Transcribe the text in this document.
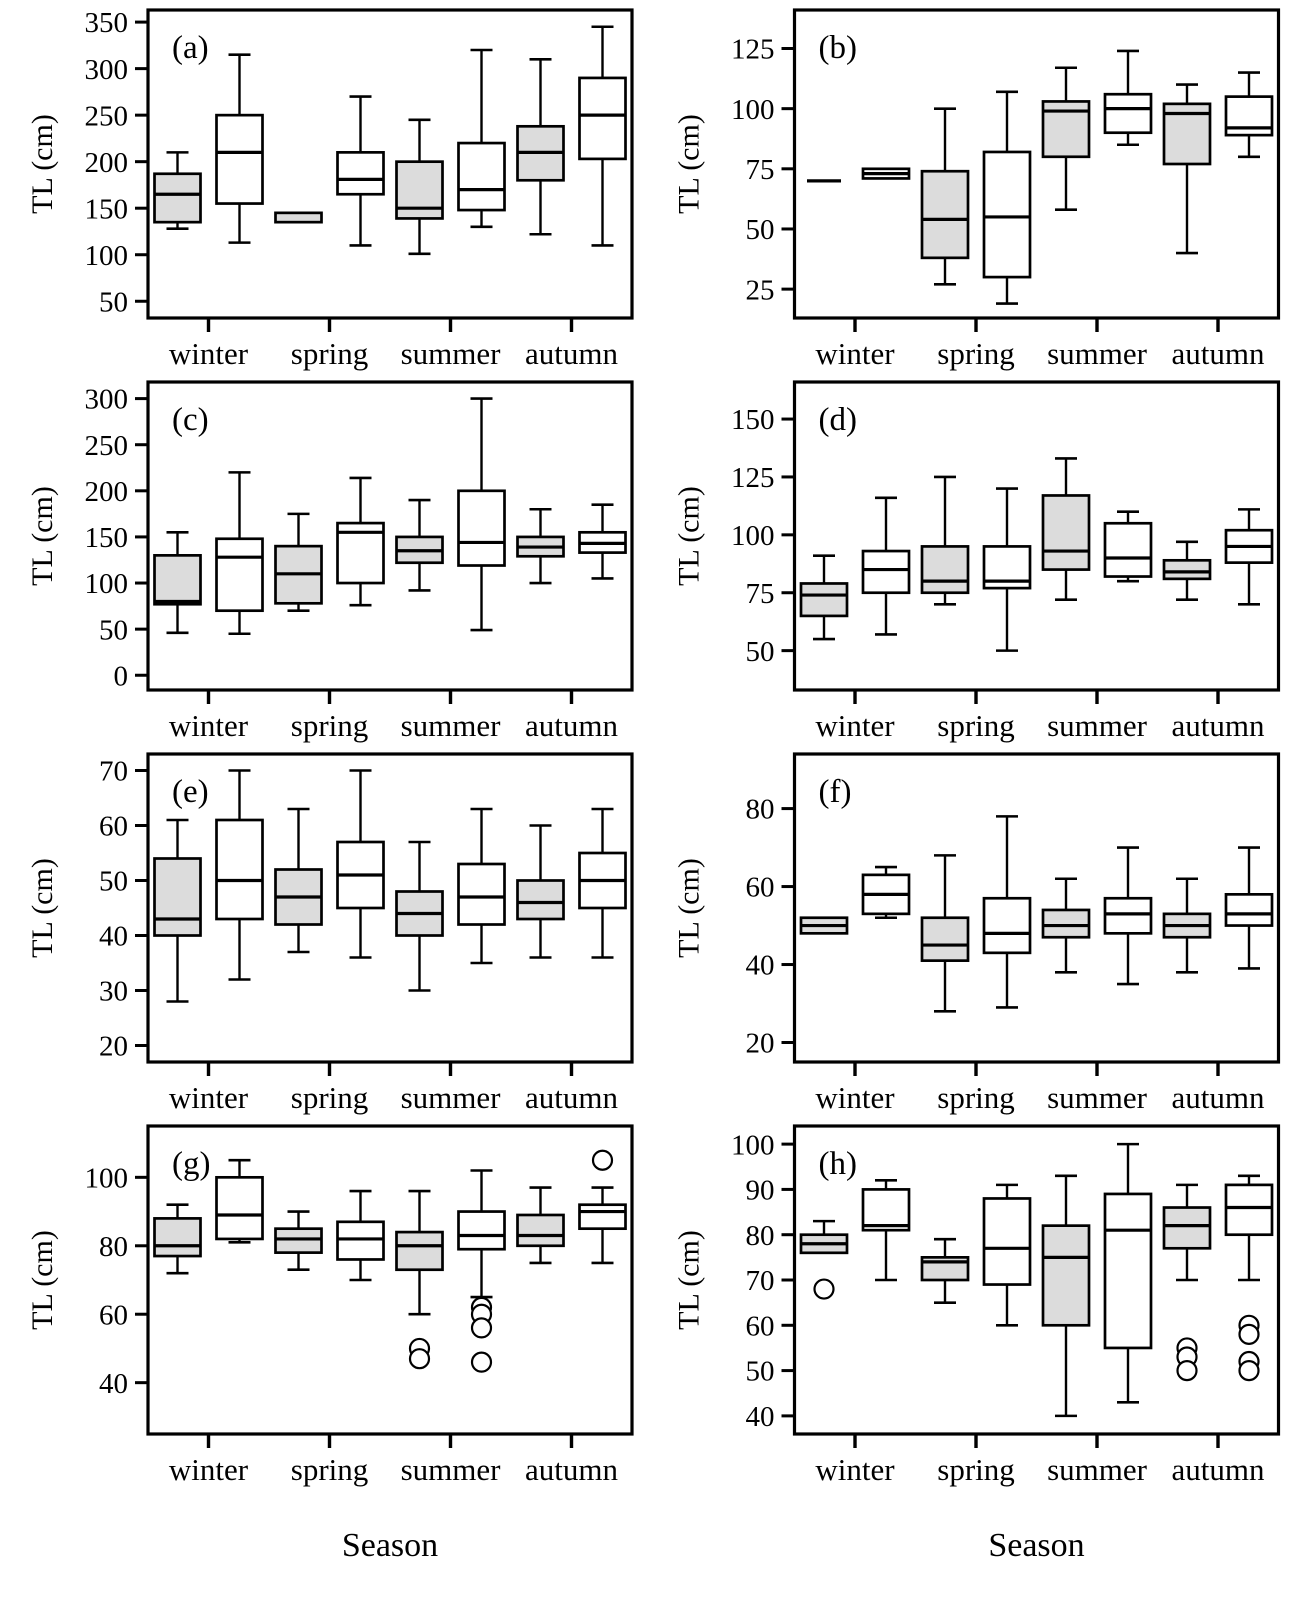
50
100
150
200
250
300
350
TL (cm)
(a)
winter spring summer autumn
25
50
75
100
125
TL (cm)
(b)
winter spring summer autumn
0
50
100
150
200
250
300
TL (cm)
(c)
winter spring summer autumn
50
75
100
125
150
TL (cm)
(d)
winter spring summer autumn
20
30
40
50
60
70
TL (cm)
(e)
winter spring summer autumn
20
40
60
80
TL (cm)
(f)
winter spring summer autumn
40
60
80
100
TL (cm)
(g)
winter spring summer autumn
Season
40
50
60
70
80
90
100
TL (cm)
(h)
winter spring summer autumn
Season
